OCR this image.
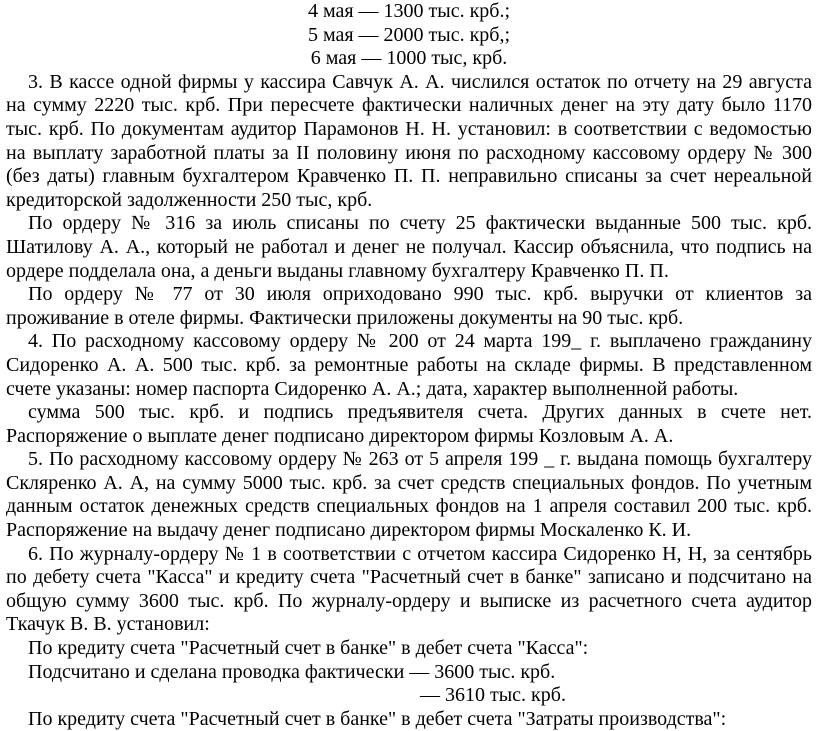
4 мая — 1300 тыс. крб.;

5 мая — 2000 тыс. крб,;

6 мая — 1000 тыс, крб.

3. В кассе одной фирмы у кассира Савчук А. А. числился остаток по отчету на 29 августа на сумму 2220 тыс. крб. При пересчете фактически наличных денег на эту дату было 1170 тыс. крб. По документам аудитор Парамонов Н. Н. установил: в соответствии с ведомостью на выплату заработной платы за II половину июня по расходному кассовому ордеру № 300 (без даты) главным бухгалтером Кравченко П. П. неправильно списаны за счет нереальной кредиторской задолженности 250 тыс, крб.

По ордеру № 316 за июль списаны по счету 25 фактически выданные 500 тыс. крб. Шатилову А. А., который не работал и денег не получал. Кассир объяснила, что подпись на ордере подделала она, а деньги выданы главному бухгалтеру Кравченко П. П.

По ордеру № 77 от 30 июля оприходовано 990 тыс. крб. выручки от клиентов за проживание в отеле фирмы. Фактически приложены документы на 90 тыс. крб.

4. По расходному кассовому ордеру № 200 от 24 марта 199_ г. выплачено гражданину Сидоренко А. А. 500 тыс. крб. за ремонтные работы на складе фирмы. В представленном счете указаны: номер паспорта Сидоренко А. А.; дата, характер выполненной работы.

сумма 500 тыс. крб. и подпись предъявителя счета. Других данных в счете нет. Распоряжение о выплате денег подписано директором фирмы Козловым А. А.

5. По расходному кассовому ордеру № 263 от 5 апреля 199 _ г. выдана помощь бухгалтеру Скляренко А. А, на сумму 5000 тыс. крб. за счет средств специальных фондов. По учетным данным остаток денежных средств специальных фондов на 1 апреля составил 200 тыс. крб. Распоряжение на выдачу денег подписано директором фирмы Москаленко К. И.

6. По журналу-ордеру № 1 в соответствии с отчетом кассира Сидоренко Н, Н, за сентябрь по дебету счета "Касса" и кредиту счета "Расчетный счет в банке" записано и подсчитано на общую сумму 3600 тыс. крб. По журналу-ордеру и выписке из расчетного счета аудитор Ткачук В. В. установил:

По кредиту счета "Расчетный счет в банке" в дебет счета "Касса":

Подсчитано и сделана проводка фактически — 3600 тыс. крб.

— 3610 тыс. крб.

По кредиту счета "Расчетный счет в банке" в дебет счета "Затраты производства":
